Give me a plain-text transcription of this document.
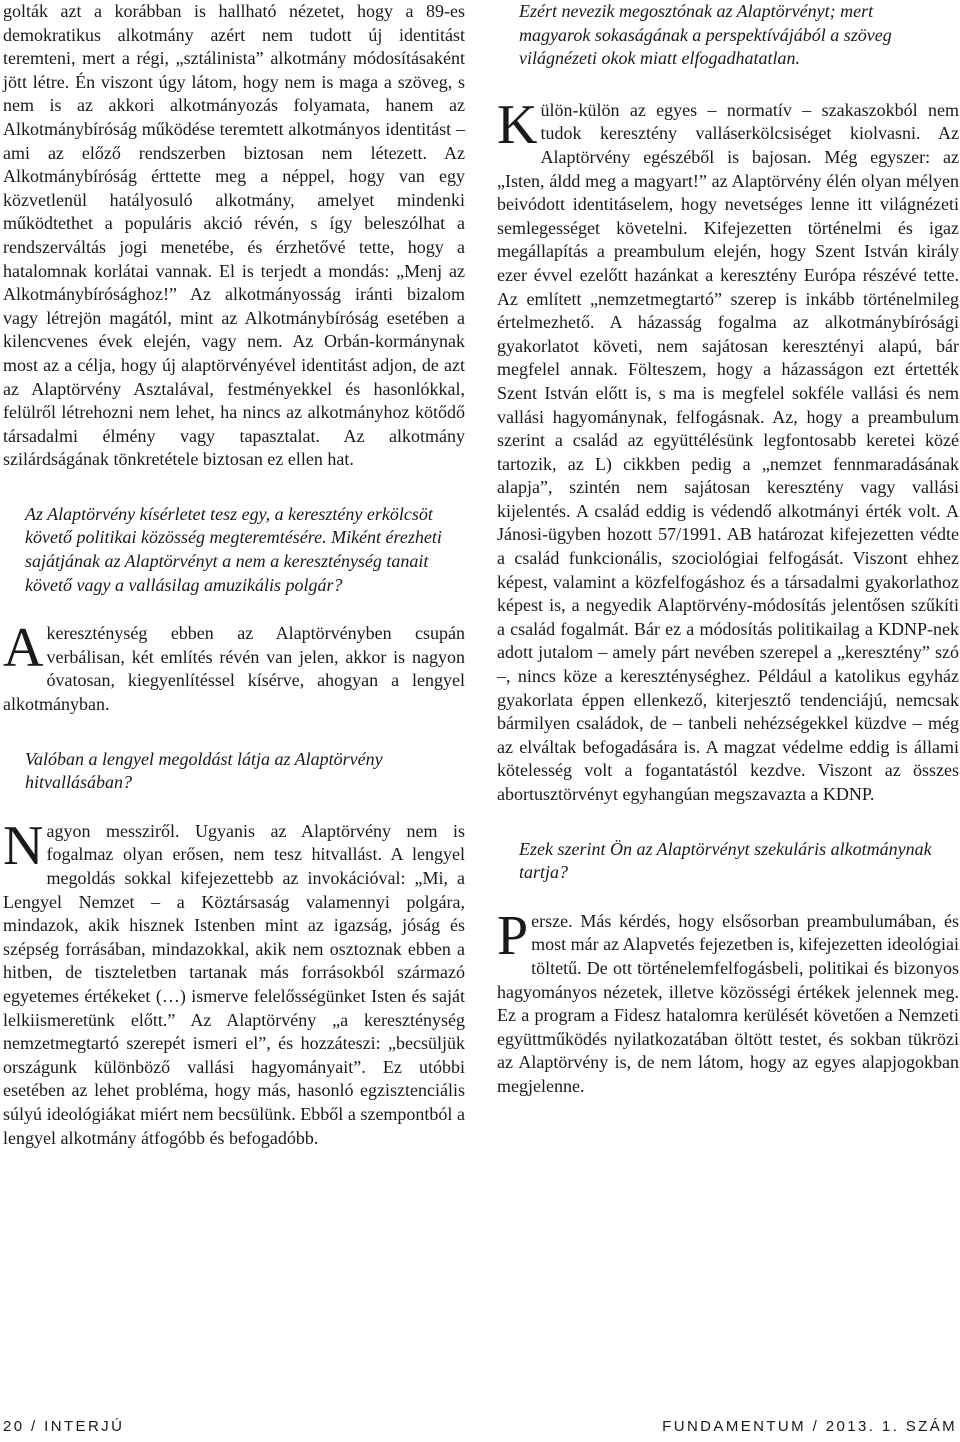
golták azt a korábban is hallható nézetet, hogy a 89-es demokratikus alkotmány azért nem tudott új identitást teremteni, mert a régi, „sztálinista” alkotmány módosításaként jött létre. Én viszont úgy látom, hogy nem is maga a szöveg, s nem is az akkori alkotmányozás folyamata, hanem az Alkotmánybíróság működése teremtett alkotmányos identitást – ami az előző rendszerben biztosan nem létezett. Az Alkotmánybíróság érttette meg a néppel, hogy van egy közvetlenül hatályosuló alkotmány, amelyet mindenki működtethet a populáris akció révén, s így beleszólhat a rendszerváltás jogi menetébe, és érzhetővé tette, hogy a hatalomnak korlátai vannak. El is terjedt a mondás: „Menj az Alkotmánybírósághoz!” Az alkotmányosság iránti bizalom vagy létrejön magától, mint az Alkotmánybíróság esetében a kilencvenes évek elején, vagy nem. Az Orbán-kormánynak most az a célja, hogy új alaptörvényével identitást adjon, de azt az Alaptörvény Asztalával, festményekkel és hasonlókkal, felülről létrehozni nem lehet, ha nincs az alkotmányhoz kötődő társadalmi élmény vagy tapasztalat. Az alkotmány szilárdságának tönkretétele biztosan ez ellen hat.

Az Alaptörvény kísérletet tesz egy, a keresztény erkölcsöt követő politikai közösség megteremtésére. Miként érezheti sajátjának az Alaptörvényt a nem a kereszténység tanait követő vagy a vallásilag amuzikális polgár?

A kereszténység ebben az Alaptörvényben csupán verbálisan, két említés révén van jelen, akkor is nagyon óvatosan, kiegyenlítéssel kísérve, ahogyan a lengyel alkotmányban.

Valóban a lengyel megoldást látja az Alaptörvény hitvallásában?

Nagyon messziről. Ugyanis az Alaptörvény nem is fogalmaz olyan erősen, nem tesz hitvallást. A lengyel megoldás sokkal kifejezettebb az invokációval: „Mi, a Lengyel Nemzet – a Köztársaság valamennyi polgára, mindazok, akik hisznek Istenben mint az igazság, jóság és szépség forrásában, mindazokkal, akik nem osztoznak ebben a hitben, de tiszteletben tartanak más forrásokból származó egyetemes értékeket (…) ismerve felelősségünket Isten és saját lelkiismeretünk előtt.” Az Alaptörvény „a kereszténység nemzetmegtartó szerepét ismeri el”, és hozzáteszi: „becsüljük országunk különböző vallási hagyományait”. Ez utóbbi esetében az lehet probléma, hogy más, hasonló egzisztenciális súlyú ideológiákat miért nem becsülünk. Ebből a szempontból a lengyel alkotmány átfogóbb és befogadóbb.

Ezért nevezik megosztónak az Alaptörvényt; mert magyarok sokaságának a perspektívájából a szöveg világnézeti okok miatt elfogadhatatlan.

Külön-külön az egyes – normatív – szakaszokból nem tudok keresztény valláserkölcsiséget kiolvasni. Az Alaptörvény egészéből is bajosan. Még egyszer: az „Isten, áldd meg a magyart!” az Alaptörvény élén olyan mélyen beivódott identitáselem, hogy nevetséges lenne itt világnézeti semlegességet követelni. Kifejezetten történelmi és igaz megállapítás a preambulum elején, hogy Szent István király ezer évvel ezelőtt hazánkat a keresztény Európa részévé tette. Az említett „nemzetmegtartó” szerep is inkább történelmileg értelmezhető. A házasság fogalma az alkotmánybírósági gyakorlatot követi, nem sajátosan keresztényi alapú, bár megfelel annak. Fölteszem, hogy a házasságon ezt értették Szent István előtt is, s ma is megfelel sokféle vallási és nem vallási hagyománynak, felfogásnak. Az, hogy a preambulum szerint a család az együttélésünk legfontosabb keretei közé tartozik, az L) cikkben pedig a „nemzet fennmaradásának alapja”, szintén nem sajátosan keresztény vagy vallási kijelentés. A család eddig is védendő alkotmányi érték volt. A Jánosi-ügyben hozott 57/1991. AB határozat kifejezetten védte a család funkcionális, szociológiai felfogását. Viszont ehhez képest, valamint a közfelfogáshoz és a társadalmi gyakorlathoz képest is, a negyedik Alaptörvény-módosítás jelentősen szűkíti a család fogalmát. Bár ez a módosítás politikailag a KDNP-nek adott jutalom – amely párt nevében szerepel a „keresztény” szó –, nincs köze a kereszténységhez. Például a katolikus egyház gyakorlata éppen ellenkező, kiterjesztő tendenciájú, nemcsak bármilyen családok, de – tanbeli nehézségekkel küzdve – még az elváltak befogadására is. A magzat védelme eddig is állami kötelesség volt a fogantatástól kezdve. Viszont az összes abortusztörvényt egyhangúan megszavazta a KDNP.

Ezek szerint Ön az Alaptörvényt szekuláris alkotmánynak tartja?

Persze. Más kérdés, hogy elsősorban preambulumában, és most már az Alapvetés fejezetben is, kifejezetten ideológiai töltetű. De ott történelemfelfogásbeli, politikai és bizonyos hagyományos nézetek, illetve közösségi értékek jelennek meg. Ez a program a Fidesz hatalomra kerülését követően a Nemzeti együttműködés nyilatkozatában öltött testet, és sokban tükrözi az Alaptörvény is, de nem látom, hogy az egyes alapjogokban megjelenne.

20 / INTERJÚ	FUNDAMENTUM / 2013. 1. SZÁM
